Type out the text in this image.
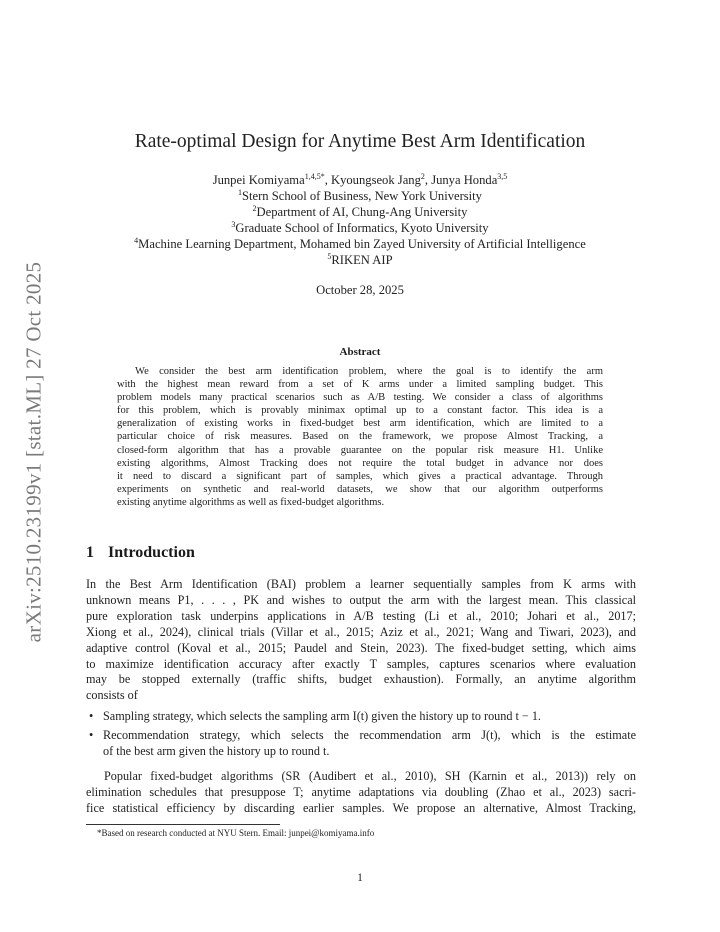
arXiv:2510.23199v1 [stat.ML] 27 Oct 2025
Rate-optimal Design for Anytime Best Arm Identification
Junpei Komiyama$^{1,4,5*}$, Kyoungseok Jang$^2$, Junya Honda$^{3,5}$
$^1$Stern School of Business, New York University
$^2$Department of AI, Chung-Ang University
$^3$Graduate School of Informatics, Kyoto University
$^4$Machine Learning Department, Mohamed bin Zayed University of Artificial Intelligence
$^5$RIKEN AIP
October 28, 2025
Abstract
We consider the best arm identification problem, where the goal is to identify the arm
with the highest mean reward from a set of K arms under a limited sampling budget. This
problem models many practical scenarios such as A/B testing. We consider a class of algorithms
for this problem, which is provably minimax optimal up to a constant factor. This idea is a
generalization of existing works in fixed-budget best arm identification, which are limited to a
particular choice of risk measures. Based on the framework, we propose Almost Tracking, a
closed-form algorithm that has a provable guarantee on the popular risk measure H1. Unlike
existing algorithms, Almost Tracking does not require the total budget in advance nor does
it need to discard a significant part of samples, which gives a practical advantage. Through
experiments on synthetic and real-world datasets, we show that our algorithm outperforms
existing anytime algorithms as well as fixed-budget algorithms.
1 Introduction
In the Best Arm Identification (BAI) problem a learner sequentially samples from K arms with
unknown means P1, . . . , PK and wishes to output the arm with the largest mean. This classical
pure exploration task underpins applications in A/B testing (Li et al., 2010; Johari et al., 2017;
Xiong et al., 2024), clinical trials (Villar et al., 2015; Aziz et al., 2021; Wang and Tiwari, 2023), and
adaptive control (Koval et al., 2015; Paudel and Stein, 2023). The fixed-budget setting, which aims
to maximize identification accuracy after exactly T samples, captures scenarios where evaluation
may be stopped externally (traffic shifts, budget exhaustion). Formally, an anytime algorithm
consists of
• Sampling strategy, which selects the sampling arm I(t) given the history up to round t − 1.
• Recommendation strategy, which selects the recommendation arm J(t), which is the estimate
of the best arm given the history up to round t.
Popular fixed-budget algorithms (SR (Audibert et al., 2010), SH (Karnin et al., 2013)) rely on
elimination schedules that presuppose T; anytime adaptations via doubling (Zhao et al., 2023) sacri-
fice statistical efficiency by discarding earlier samples. We propose an alternative, Almost Tracking,
*Based on research conducted at NYU Stern. Email: junpei@komiyama.info
1
